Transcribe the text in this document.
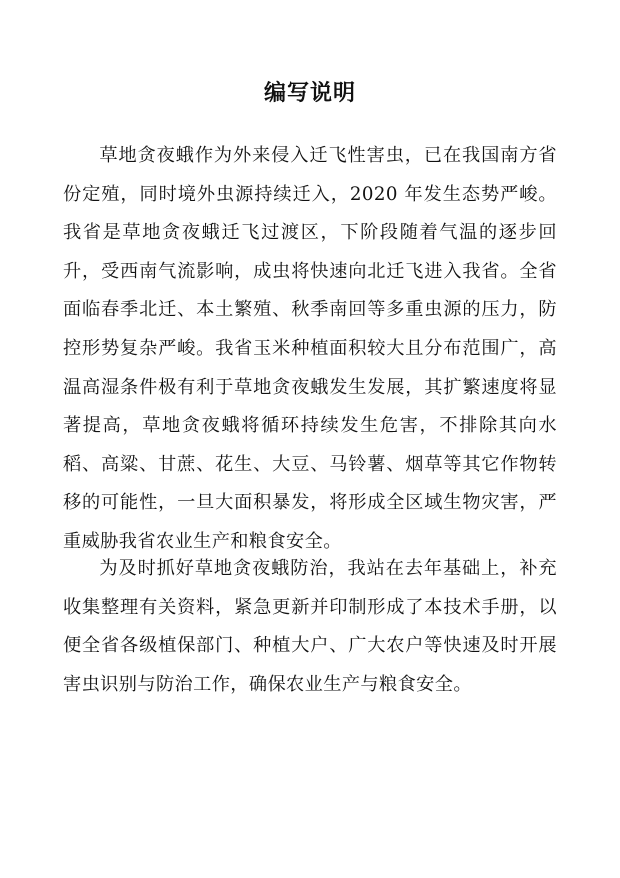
编写说明

草地贪夜蛾作为外来侵入迁飞性害虫，已在我国南方省份定殖，同时境外虫源持续迁入，2020 年发生态势严峻。我省是草地贪夜蛾迁飞过渡区，下阶段随着气温的逐步回升，受西南气流影响，成虫将快速向北迁飞进入我省。全省面临春季北迁、本土繁殖、秋季南回等多重虫源的压力，防控形势复杂严峻。我省玉米种植面积较大且分布范围广，高温高湿条件极有利于草地贪夜蛾发生发展，其扩繁速度将显著提高，草地贪夜蛾将循环持续发生危害，不排除其向水稻、高粱、甘蔗、花生、大豆、马铃薯、烟草等其它作物转移的可能性，一旦大面积暴发，将形成全区域生物灾害，严重威胁我省农业生产和粮食安全。

为及时抓好草地贪夜蛾防治，我站在去年基础上，补充收集整理有关资料，紧急更新并印制形成了本技术手册，以便全省各级植保部门、种植大户、广大农户等快速及时开展害虫识别与防治工作，确保农业生产与粮食安全。
